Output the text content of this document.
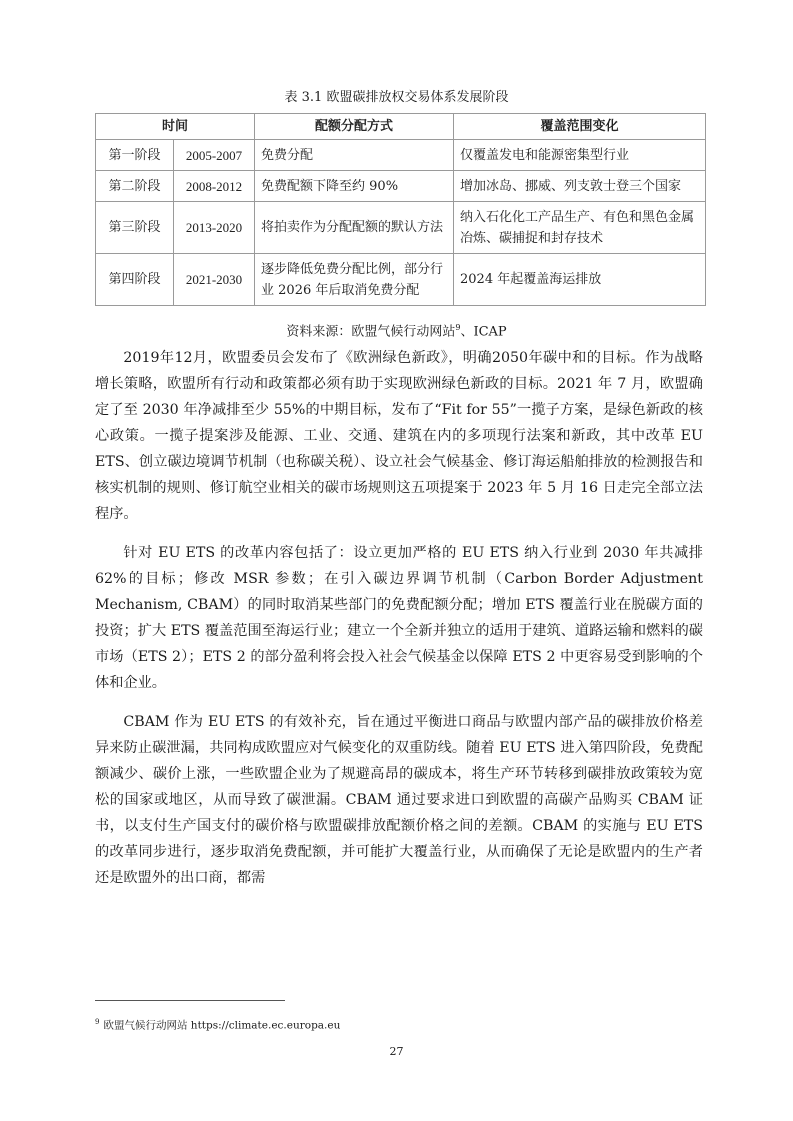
表 3.1 欧盟碳排放权交易体系发展阶段
时间		配额分配方式	覆盖范围变化
第一阶段	2005-2007	免费分配	仅覆盖发电和能源密集型行业
第二阶段	2008-2012	免费配额下降至约 90%	增加冰岛、挪威、列支敦士登三个国家
第三阶段	2013-2020	将拍卖作为分配配额的默认方法	纳入石化化工产品生产、有色和黑色金属冶炼、碳捕捉和封存技术
第四阶段	2021-2030	逐步降低免费分配比例，部分行业 2026 年后取消免费分配	2024 年起覆盖海运排放
资料来源：欧盟气候行动网站$^9$、ICAP

2019年12月，欧盟委员会发布了《欧洲绿色新政》，明确2050年碳中和的目标。作为战略增长策略，欧盟所有行动和政策都必须有助于实现欧洲绿色新政的目标。2021 年 7 月，欧盟确定了至 2030 年净减排至少 55%的中期目标，发布了“Fit for 55”一揽子方案，是绿色新政的核心政策。一揽子提案涉及能源、工业、交通、建筑在内的多项现行法案和新政，其中改革 EU ETS、创立碳边境调节机制（也称碳关税）、设立社会气候基金、修订海运船舶排放的检测报告和核实机制的规则、修订航空业相关的碳市场规则这五项提案于 2023 年 5 月 16 日走完全部立法程序。

针对 EU ETS 的改革内容包括了：设立更加严格的 EU ETS 纳入行业到 2030 年共减排 62%的目标；修改 MSR 参数；在引入碳边界调节机制（Carbon Border Adjustment Mechanism, CBAM）的同时取消某些部门的免费配额分配；增加 ETS 覆盖行业在脱碳方面的投资；扩大 ETS 覆盖范围至海运行业；建立一个全新并独立的适用于建筑、道路运输和燃料的碳市场（ETS 2）；ETS 2 的部分盈利将会投入社会气候基金以保障 ETS 2 中更容易受到影响的个体和企业。

CBAM 作为 EU ETS 的有效补充，旨在通过平衡进口商品与欧盟内部产品的碳排放价格差异来防止碳泄漏，共同构成欧盟应对气候变化的双重防线。随着 EU ETS 进入第四阶段，免费配额减少、碳价上涨，一些欧盟企业为了规避高昂的碳成本，将生产环节转移到碳排放政策较为宽松的国家或地区，从而导致了碳泄漏。CBAM 通过要求进口到欧盟的高碳产品购买 CBAM 证书，以支付生产国支付的碳价格与欧盟碳排放配额价格之间的差额。CBAM 的实施与 EU ETS 的改革同步进行，逐步取消免费配额，并可能扩大覆盖行业，从而确保了无论是欧盟内的生产者还是欧盟外的出口商，都需

$^9$ 欧盟气候行动网站 https://climate.ec.europa.eu
27
